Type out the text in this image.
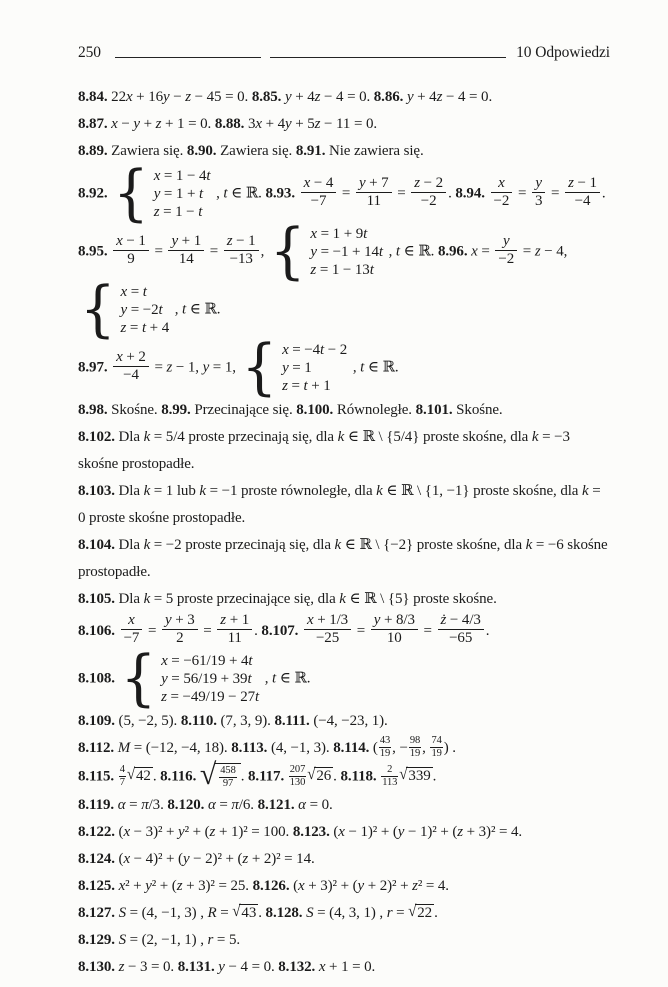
250	10 Odpowiedzi
8.84. 22x + 16y − z − 45 = 0. 8.85. y + 4z − 4 = 0. 8.86. y + 4z − 4 = 0.
8.87. x − y + z + 1 = 0. 8.88. 3x + 4y + 5z − 11 = 0.
8.89. Zawiera się. 8.90. Zawiera się. 8.91. Nie zawiera się.
8.92. { x = 1 − 4t
y = 1 + t
z = 1 − t
, t ∈ ℝ. 8.93. $\frac{x - 4}{-7} = \frac{y + 7}{11} = \frac{z - 2}{-2}$ . 8.94. $\frac{x}{-2} = \frac{y}{3} = \frac{z - 1}{-4}$ .
8.95. $\frac{x - 1}{9} = \frac{y + 1}{14} = \frac{z - 1}{-13}$ , { x = 1 + 9t
y = −1 + 14t
z = 1 − 13t
, t ∈ ℝ. 8.96. $x = \frac{y}{-2} = z - 4$,
{ x = t
y = −2t
z = t + 4
, t ∈ ℝ.
8.97. $\frac{x + 2}{-4} = z - 1$, y = 1, { x = −4t − 2
y = 1
z = t + 1
, t ∈ ℝ.
8.98. Skośne. 8.99. Przecinające się. 8.100. Równoległe. 8.101. Skośne.
8.102. Dla k = 5/4 proste przecinają się, dla k ∈ ℝ \ {5/4} proste skośne, dla k = −3 skośne prostopadłe.
8.103. Dla k = 1 lub k = −1 proste równoległe, dla k ∈ ℝ \ {1, −1} proste skośne, dla k = 0 proste skośne prostopadłe.
8.104. Dla k = −2 proste przecinają się, dla k ∈ ℝ \ {−2} proste skośne, dla k = −6 skośne prostopadłe.
8.105. Dla k = 5 proste przecinające się, dla k ∈ ℝ \ {5} proste skośne.
8.106. $\frac{x}{-7} = \frac{y + 3}{2} = \frac{z + 1}{11}$ . 8.107. $\frac{x + 1/3}{-25} = \frac{y + 8/3}{10} = \frac{ż - 4/3}{-65}$ .
8.108. { x = −61/19 + 4t
y = 56/19 + 39t
z = −49/19 − 27t
, t ∈ ℝ.
8.109. (5, −2, 5). 8.110. (7, 3, 9). 8.111. (−4, −23, 1).
8.112. M = (−12, −4, 18). 8.113. (4, −1, 3). 8.114. ( $\frac{43}{19}$ , − $\frac{98}{19}$ , $\frac{74}{19}$ ) .
8.115. $\frac{4}{7} √42$ . 8.116. √ $\frac{458}{97}$ . 8.117. $\frac{207}{130} √26$ . 8.118. $\frac{2}{113} √339$ .
8.119. α = π/3. 8.120. α = π/6. 8.121. α = 0.
8.122. (x − 3)² + y² + (z + 1)² = 100. 8.123. (x − 1)² + (y − 1)² + (z + 3)² = 4.
8.124. (x − 4)² + (y − 2)² + (z + 2)² = 14.
8.125. x² + y² + (z + 3)² = 25. 8.126. (x + 3)² + (y + 2)² + z² = 4.
8.127. S = (4, −1, 3) , R = √43 . 8.128. S = (4, 3, 1) , r = √22 .
8.129. S = (2, −1, 1) , r = 5.
8.130. z − 3 = 0. 8.131. y − 4 = 0. 8.132. x + 1 = 0.
